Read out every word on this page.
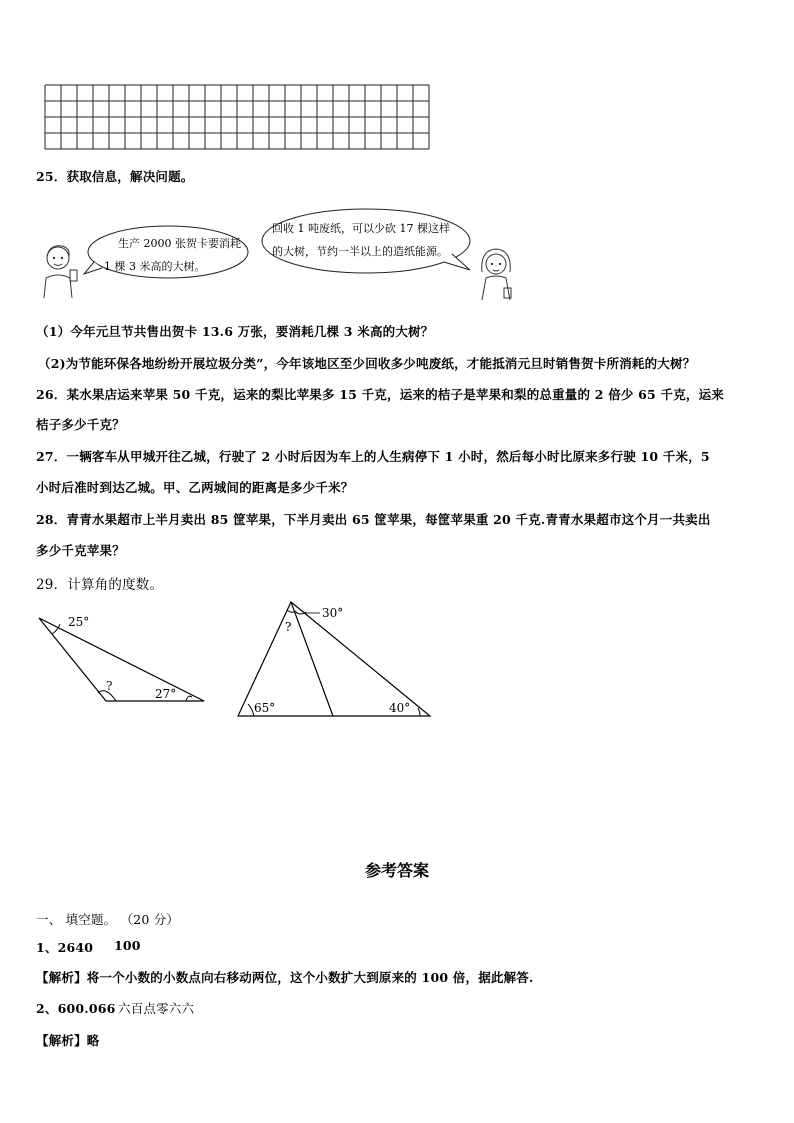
25．获取信息，解决问题。
生产 2000 张贺卡要消耗
1 棵 3 米高的大树。
回收 1 吨废纸，可以少砍 17 棵这样
的大树，节约一半以上的造纸能源。
（1）今年元旦节共售出贺卡 13.6 万张，要消耗几棵 3 米高的大树？
（2)为节能环保各地纷纷开展垃圾分类”，今年该地区至少回收多少吨废纸，才能抵消元旦时销售贺卡所消耗的大树？
26．某水果店运来苹果 50 千克，运来的梨比苹果多 15 千克，运来的桔子是苹果和梨的总重量的 2 倍少 65 千克，运来
桔子多少千克？
27．一辆客车从甲城开往乙城，行驶了 2 小时后因为车上的人生病停下 1 小时，然后每小时比原来多行驶 10 千米，5
小时后准时到达乙城。甲、乙两城间的距离是多少千米？
28．青青水果超市上半月卖出 85 筐苹果，下半月卖出 65 筐苹果，每筐苹果重 20 千克.青青水果超市这个月一共卖出
多少千克苹果？
29．计算角的度数。
25°
?
27°
30°
?
65°	40°
参考答案
一、 填空题。 （20 分）
1、2640 100
【解析】将一个小数的小数点向右移动两位，这个小数扩大到原来的 100 倍，据此解答.
2、600.066 六百点零六六
【解析】略
